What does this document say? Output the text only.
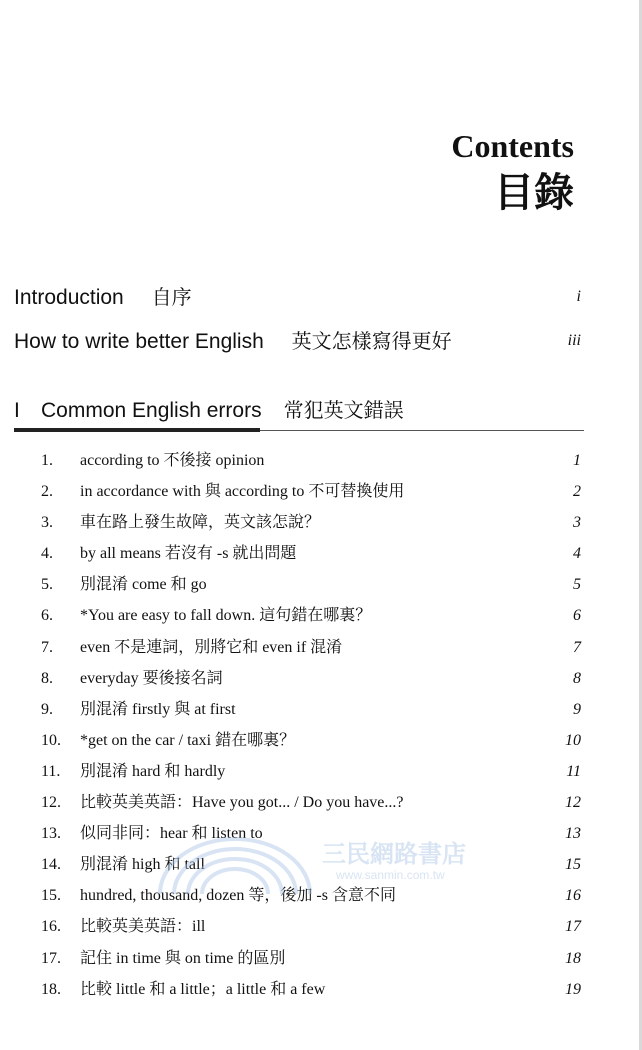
Contents
目錄
Introduction 自序	i
How to write better English 英文怎樣寫得更好	iii
I Common English errors 常犯英文錯誤
1. according to 不後接 opinion	1
2. in accordance with 與 according to 不可替換使用	2
3. 車在路上發生故障，英文該怎說？	3
4. by all means 若沒有 -s 就出問題	4
5. 別混淆 come 和 go	5
6. *You are easy to fall down. 這句錯在哪裏？	6
7. even 不是連詞，別將它和 even if 混淆	7
8. everyday 要後接名詞	8
9. 別混淆 firstly 與 at first	9
10. *get on the car / taxi 錯在哪裏？	10
11. 別混淆 hard 和 hardly	11
12. 比較英美英語：Have you got... / Do you have...?	12
13. 似同非同：hear 和 listen to	13
14. 別混淆 high 和 tall	15
15. hundred, thousand, dozen 等，後加 -s 含意不同	16
16. 比較英美英語：ill	17
17. 記住 in time 與 on time 的區別	18
18. 比較 little 和 a little；a little 和 a few	19
三民網路書店
www.sanmin.com.tw
